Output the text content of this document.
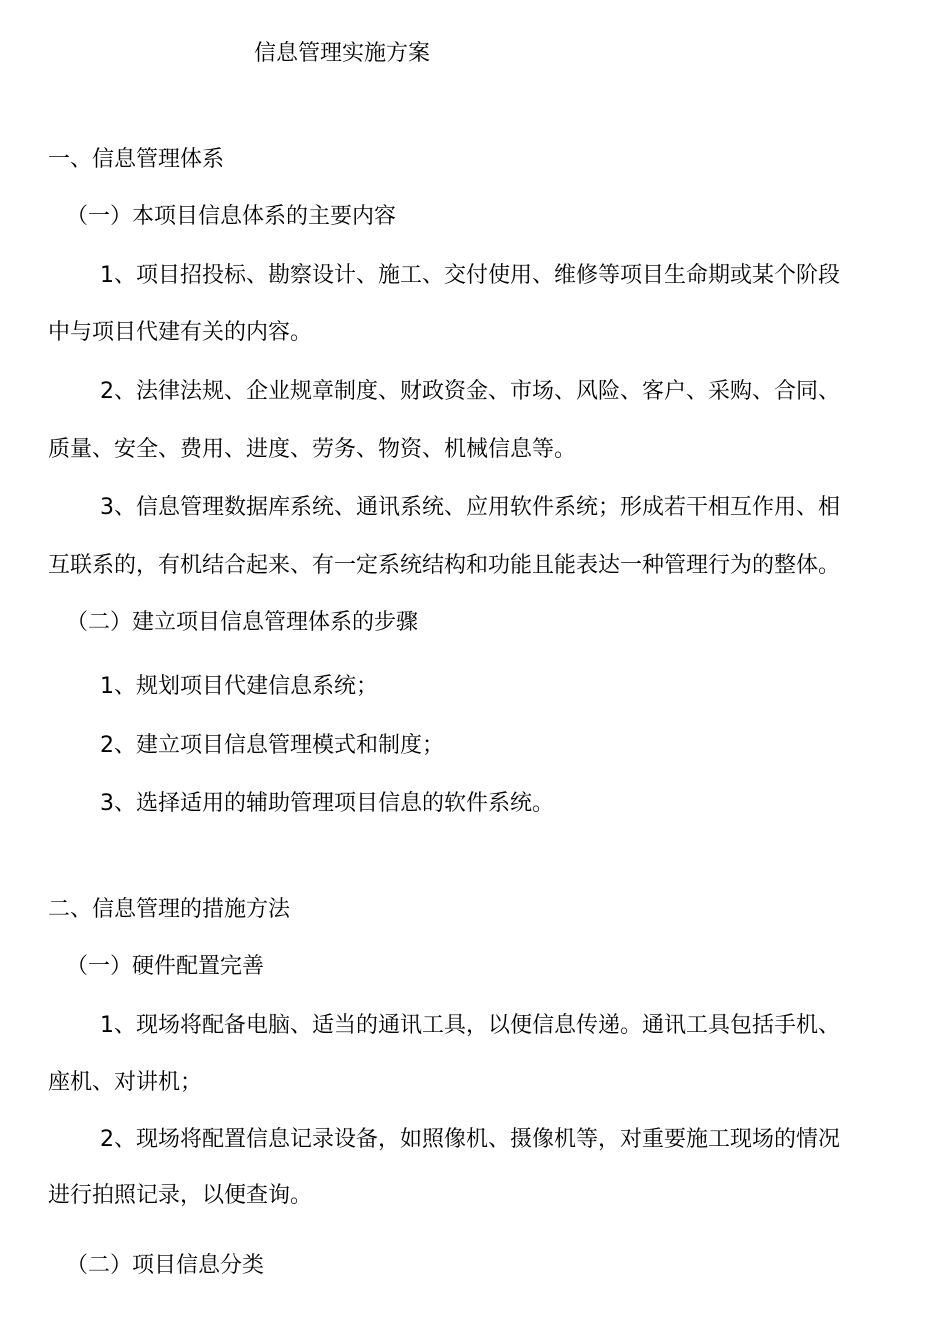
信息管理实施方案

一、信息管理体系

（一）本项目信息体系的主要内容

1、项目招投标、勘察设计、施工、交付使用、维修等项目生命期或某个阶段

中与项目代建有关的内容。

2、法律法规、企业规章制度、财政资金、市场、风险、客户、采购、合同、

质量、安全、费用、进度、劳务、物资、机械信息等。

3、信息管理数据库系统、通讯系统、应用软件系统；形成若干相互作用、相

互联系的，有机结合起来、有一定系统结构和功能且能表达一种管理行为的整体。

（二）建立项目信息管理体系的步骤

1、规划项目代建信息系统；

2、建立项目信息管理模式和制度；

3、选择适用的辅助管理项目信息的软件系统。

二、信息管理的措施方法

（一）硬件配置完善

1、现场将配备电脑、适当的通讯工具，以便信息传递。通讯工具包括手机、

座机、对讲机；

2、现场将配置信息记录设备，如照像机、摄像机等，对重要施工现场的情况

进行拍照记录，以便查询。

（二）项目信息分类
